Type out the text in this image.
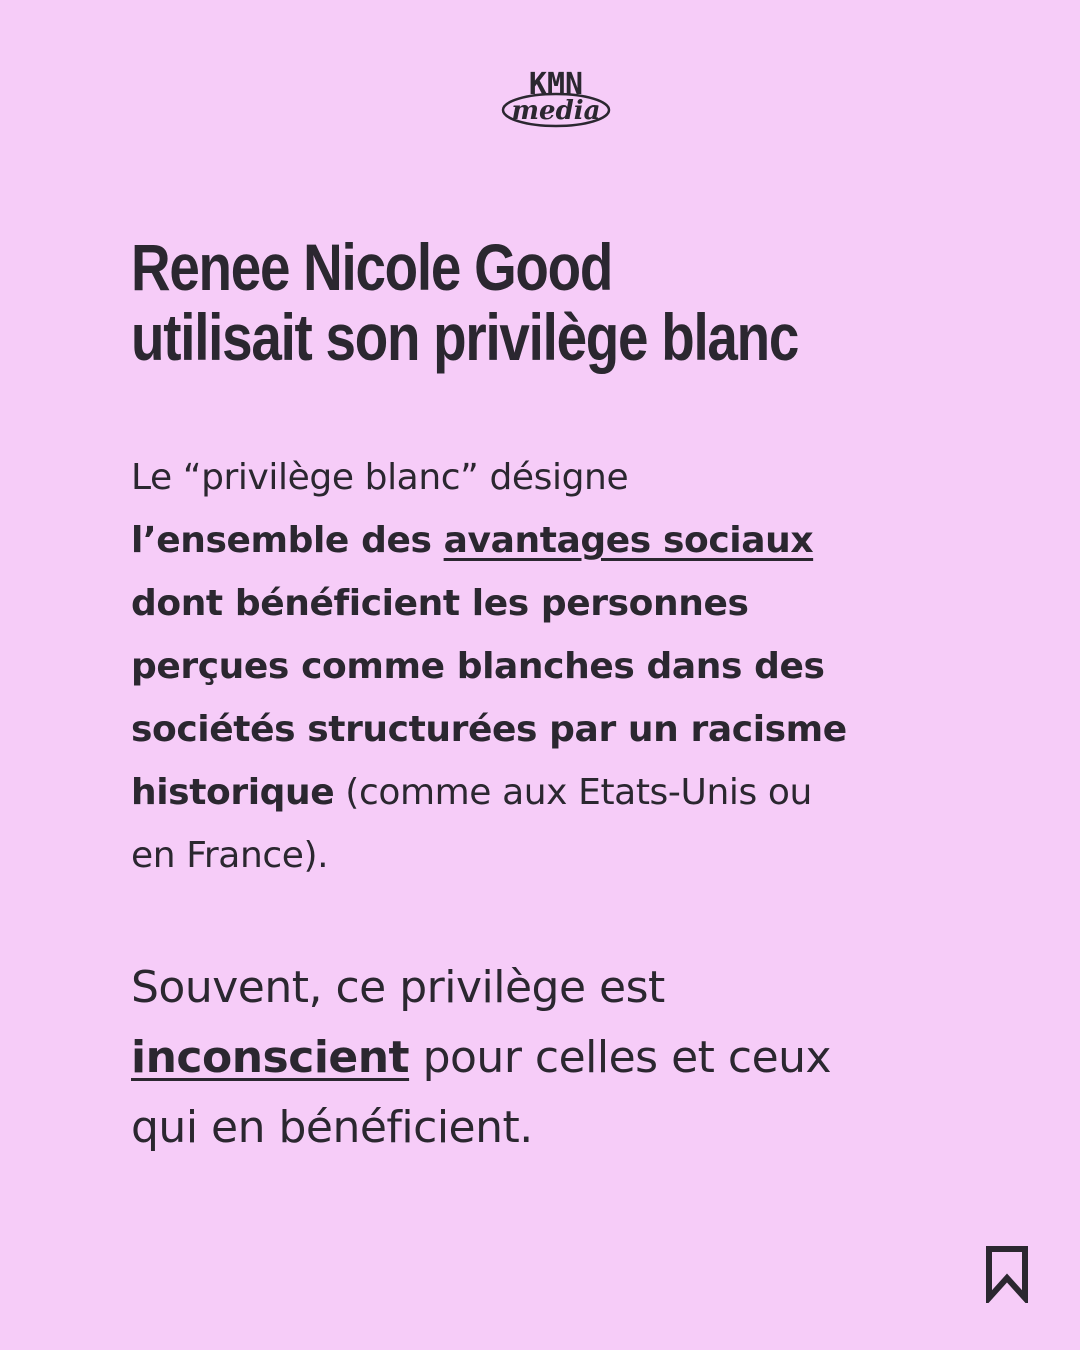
KMN
media
Renee Nicole Good
utilisait son privilège blanc

Le “privilège blanc” désigne
l’ensemble des avantages sociaux
dont bénéficient les personnes
perçues comme blanches dans des
sociétés structurées par un racisme
historique (comme aux Etats-Unis ou
en France).

Souvent, ce privilège est
inconscient pour celles et ceux
qui en bénéficient.
